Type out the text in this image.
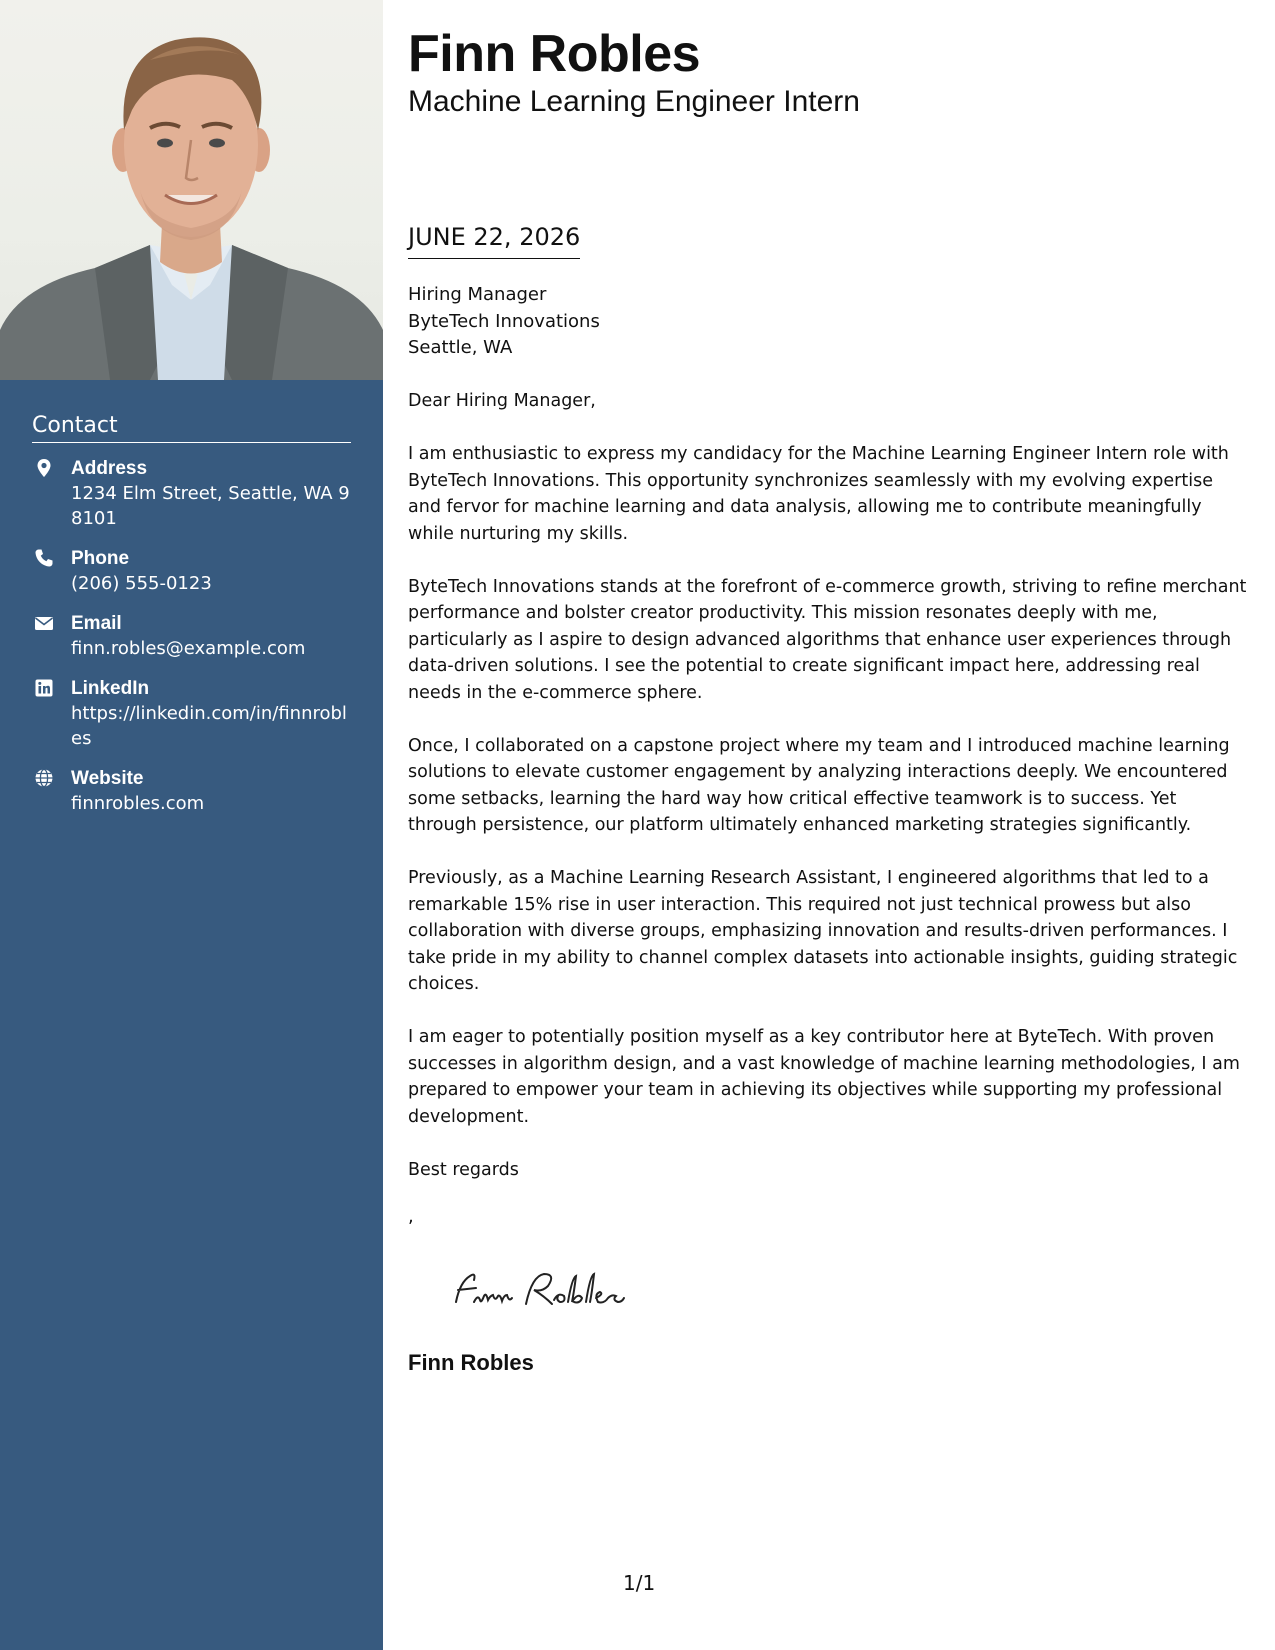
Contact
Address
1234 Elm Street, Seattle, WA 98101
Phone
(206) 555-0123
Email
finn.robles@example.com
LinkedIn
https://linkedin.com/in/finnrobles
Website
finnrobles.com
Finn Robles
Machine Learning Engineer Intern
JUNE 22, 2026
Hiring Manager
ByteTech Innovations
Seattle, WA

Dear Hiring Manager,

I am enthusiastic to express my candidacy for the Machine Learning Engineer Intern role with ByteTech Innovations. This opportunity synchronizes seamlessly with my evolving expertise and fervor for machine learning and data analysis, allowing me to contribute meaningfully while nurturing my skills.

ByteTech Innovations stands at the forefront of e-commerce growth, striving to refine merchant performance and bolster creator productivity. This mission resonates deeply with me, particularly as I aspire to design advanced algorithms that enhance user experiences through data-driven solutions. I see the potential to create significant impact here, addressing real needs in the e-commerce sphere.

Once, I collaborated on a capstone project where my team and I introduced machine learning solutions to elevate customer engagement by analyzing interactions deeply. We encountered some setbacks, learning the hard way how critical effective teamwork is to success. Yet through persistence, our platform ultimately enhanced marketing strategies significantly.

Previously, as a Machine Learning Research Assistant, I engineered algorithms that led to a remarkable 15% rise in user interaction. This required not just technical prowess but also collaboration with diverse groups, emphasizing innovation and results-driven performances. I take pride in my ability to channel complex datasets into actionable insights, guiding strategic choices.

I am eager to potentially position myself as a key contributor here at ByteTech. With proven successes in algorithm design, and a vast knowledge of machine learning methodologies, I am prepared to empower your team in achieving its objectives while supporting my professional development.

Best regards

,
Finn Robles
1/1
